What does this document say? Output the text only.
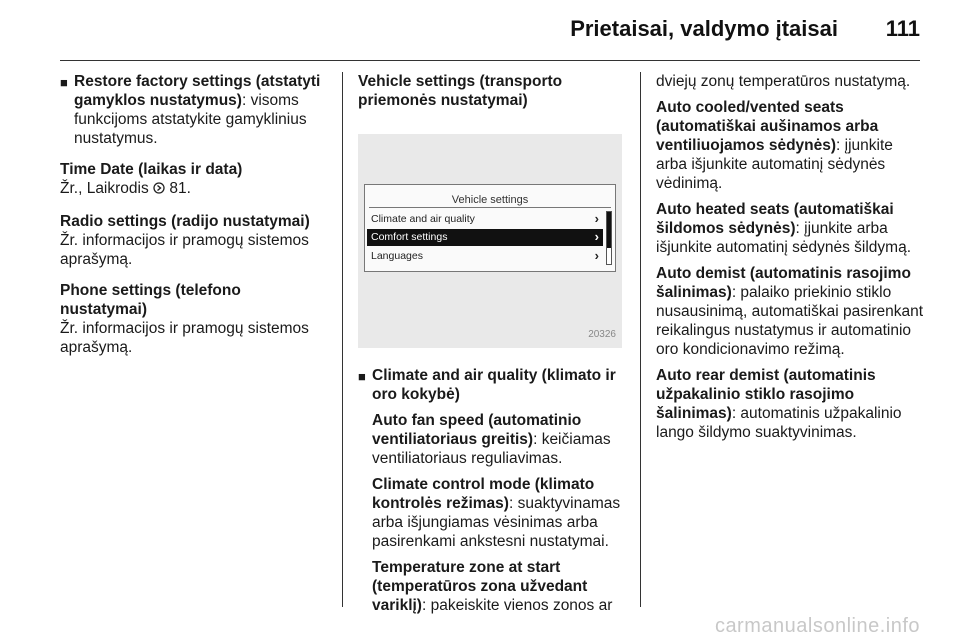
Prietaisai, valdymo įtaisai 111
■ Restore factory settings (atstatyti gamyklos nustatymus): visoms funkcijoms atstatykite gamyklinius nustatymus.

Time Date (laikas ir data)

Žr., Laikrodis  81.

Radio settings (radijo nustatymai)

Žr. informacijos ir pramogų sistemos aprašymą.

Phone settings (telefono nustatymai)

Žr. informacijos ir pramogų sistemos aprašymą.

Vehicle settings (transporto priemonės nustatymai)

Vehicle settings
Climate and air quality	›
Comfort settings	›
Languages	›
20326
■ Climate and air quality (klimato ir oro kokybė)
Auto fan speed (automatinio ventiliatoriaus greitis): keičiamas ventiliatoriaus reguliavimas.
Climate control mode (klimato kontrolės režimas): suaktyvinamas arba išjungiamas vėsinimas arba pasirenkami ankstesni nustatymai.
Temperature zone at start (temperatūros zona užvedant variklį): pakeiskite vienos zonos ar

dviejų zonų temperatūros nustatymą.

Auto cooled/vented seats (automatiškai aušinamos arba ventiliuojamos sėdynės): įjunkite arba išjunkite automatinį sėdynės vėdinimą.
Auto heated seats (automatiškai šildomos sėdynės): įjunkite arba išjunkite automatinį sėdynės šildymą.
Auto demist (automatinis rasojimo šalinimas): palaiko priekinio stiklo nusausinimą, automatiškai pasirenkant reikalingus nustatymus ir automatinio oro kondicionavimo režimą.
Auto rear demist (automatinis užpakalinio stiklo rasojimo šalinimas): automatinis užpakalinio lango šildymo suaktyvinimas.
carmanualsonline.info
